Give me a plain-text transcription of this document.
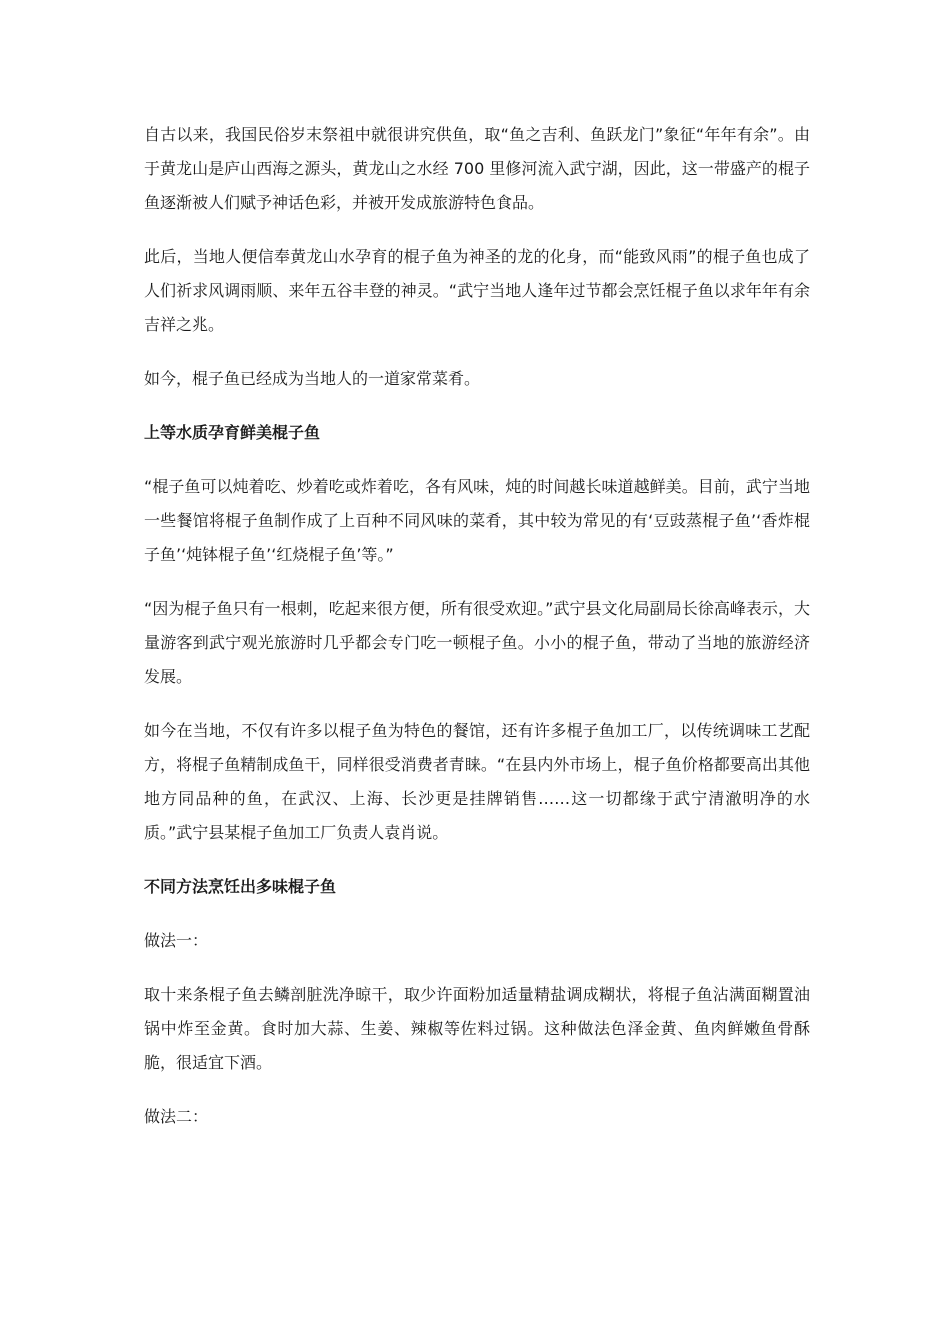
自古以来，我国民俗岁末祭祖中就很讲究供鱼，取“鱼之吉利、鱼跃龙门”象征“年年有余”。由于黄龙山是庐山西海之源头，黄龙山之水经 700 里修河流入武宁湖，因此，这一带盛产的棍子鱼逐渐被人们赋予神话色彩，并被开发成旅游特色食品。

此后，当地人便信奉黄龙山水孕育的棍子鱼为神圣的龙的化身，而“能致风雨”的棍子鱼也成了人们祈求风调雨顺、来年五谷丰登的神灵。“武宁当地人逢年过节都会烹饪棍子鱼以求年年有余吉祥之兆。

如今，棍子鱼已经成为当地人的一道家常菜肴。

上等水质孕育鲜美棍子鱼

“棍子鱼可以炖着吃、炒着吃或炸着吃，各有风味，炖的时间越长味道越鲜美。目前，武宁当地一些餐馆将棍子鱼制作成了上百种不同风味的菜肴，其中较为常见的有‘豆豉蒸棍子鱼’‘香炸棍子鱼’‘炖钵棍子鱼’‘红烧棍子鱼’等。”

“因为棍子鱼只有一根刺，吃起来很方便，所有很受欢迎。”武宁县文化局副局长徐高峰表示，大量游客到武宁观光旅游时几乎都会专门吃一顿棍子鱼。小小的棍子鱼，带动了当地的旅游经济发展。

如今在当地，不仅有许多以棍子鱼为特色的餐馆，还有许多棍子鱼加工厂，以传统调味工艺配方，将棍子鱼精制成鱼干，同样很受消费者青睐。“在县内外市场上，棍子鱼价格都要高出其他地方同品种的鱼，在武汉、上海、长沙更是挂牌销售……这一切都缘于武宁清澈明净的水质。”武宁县某棍子鱼加工厂负责人袁肖说。

不同方法烹饪出多味棍子鱼

做法一：

取十来条棍子鱼去鳞剖脏洗净晾干，取少许面粉加适量精盐调成糊状，将棍子鱼沾满面糊置油锅中炸至金黄。食时加大蒜、生姜、辣椒等佐料过锅。这种做法色泽金黄、鱼肉鲜嫩鱼骨酥脆，很适宜下酒。

做法二：
